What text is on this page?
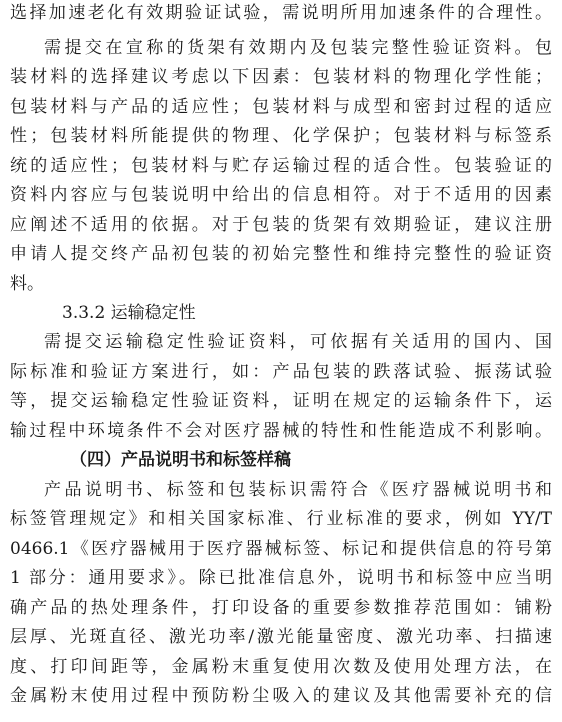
选择加速老化有效期验证试验，需说明所用加速条件的合理性。
需提交在宣称的货架有效期内及包装完整性验证资料。包
装材料的选择建议考虑以下因素：包装材料的物理化学性能；
包装材料与产品的适应性；包装材料与成型和密封过程的适应
性；包装材料所能提供的物理、化学保护；包装材料与标签系
统的适应性；包装材料与贮存运输过程的适合性。包装验证的
资料内容应与包装说明中给出的信息相符。对于不适用的因素
应阐述不适用的依据。对于包装的货架有效期验证，建议注册
申请人提交终产品初包装的初始完整性和维持完整性的验证资
料。
3.3.2 运输稳定性
需提交运输稳定性验证资料，可依据有关适用的国内、国
际标准和验证方案进行，如：产品包装的跌落试验、振荡试验
等，提交运输稳定性验证资料，证明在规定的运输条件下，运
输过程中环境条件不会对医疗器械的特性和性能造成不利影响。
（四）产品说明书和标签样稿
产品说明书、标签和包装标识需符合《医疗器械说明书和
标签管理规定》和相关国家标准、行业标准的要求，例如 YY/T
0466.1《医疗器械用于医疗器械标签、标记和提供信息的符号第
1 部分：通用要求》。除已批准信息外，说明书和标签中应当明
确产品的热处理条件，打印设备的重要参数推荐范围如：铺粉
层厚、光斑直径、激光功率/激光能量密度、激光功率、扫描速
度、打印间距等，金属粉末重复使用次数及使用处理方法，在
金属粉末使用过程中预防粉尘吸入的建议及其他需要补充的信
